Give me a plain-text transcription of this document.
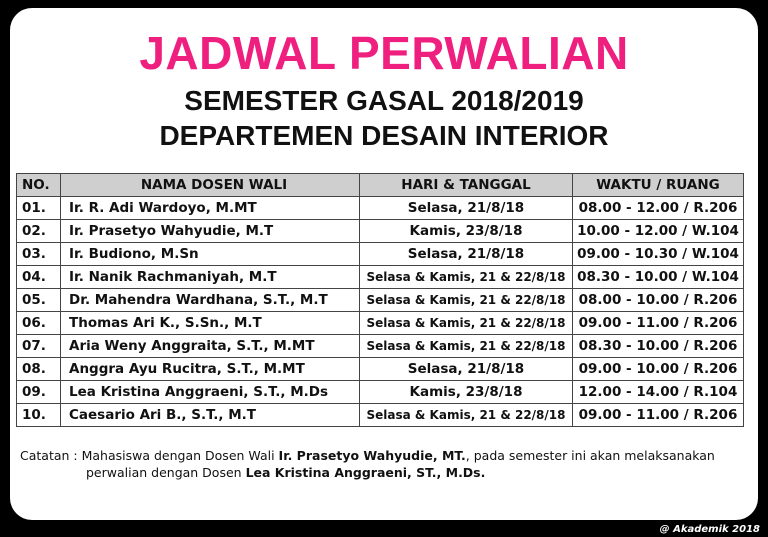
JADWAL PERWALIAN
SEMESTER GASAL 2018/2019
DEPARTEMEN DESAIN INTERIOR
NO.	NAMA DOSEN WALI	HARI & TANGGAL	WAKTU / RUANG
01.	Ir. R. Adi Wardoyo, M.MT	Selasa, 21/8/18	08.00 - 12.00 / R.206
02.	Ir. Prasetyo Wahyudie, M.T	Kamis, 23/8/18	10.00 - 12.00 / W.104
03.	Ir. Budiono, M.Sn	Selasa, 21/8/18	09.00 - 10.30 / W.104
04.	Ir. Nanik Rachmaniyah, M.T	Selasa & Kamis, 21 & 22/8/18	08.30 - 10.00 / W.104
05.	Dr. Mahendra Wardhana, S.T., M.T	Selasa & Kamis, 21 & 22/8/18	08.00 - 10.00 / R.206
06.	Thomas Ari K., S.Sn., M.T	Selasa & Kamis, 21 & 22/8/18	09.00 - 11.00 / R.206
07.	Aria Weny Anggraita, S.T., M.MT	Selasa & Kamis, 21 & 22/8/18	08.30 - 10.00 / R.206
08.	Anggra Ayu Rucitra, S.T., M.MT	Selasa, 21/8/18	09.00 - 10.00 / R.206
09.	Lea Kristina Anggraeni, S.T., M.Ds	Kamis, 23/8/18	12.00 - 14.00 / R.104
10.	Caesario Ari B., S.T., M.T	Selasa & Kamis, 21 & 22/8/18	09.00 - 11.00 / R.206
Catatan : Mahasiswa dengan Dosen Wali Ir. Prasetyo Wahyudie, MT., pada semester ini akan melaksanakan
perwalian dengan Dosen Lea Kristina Anggraeni, ST., M.Ds.
@ Akademik 2018
